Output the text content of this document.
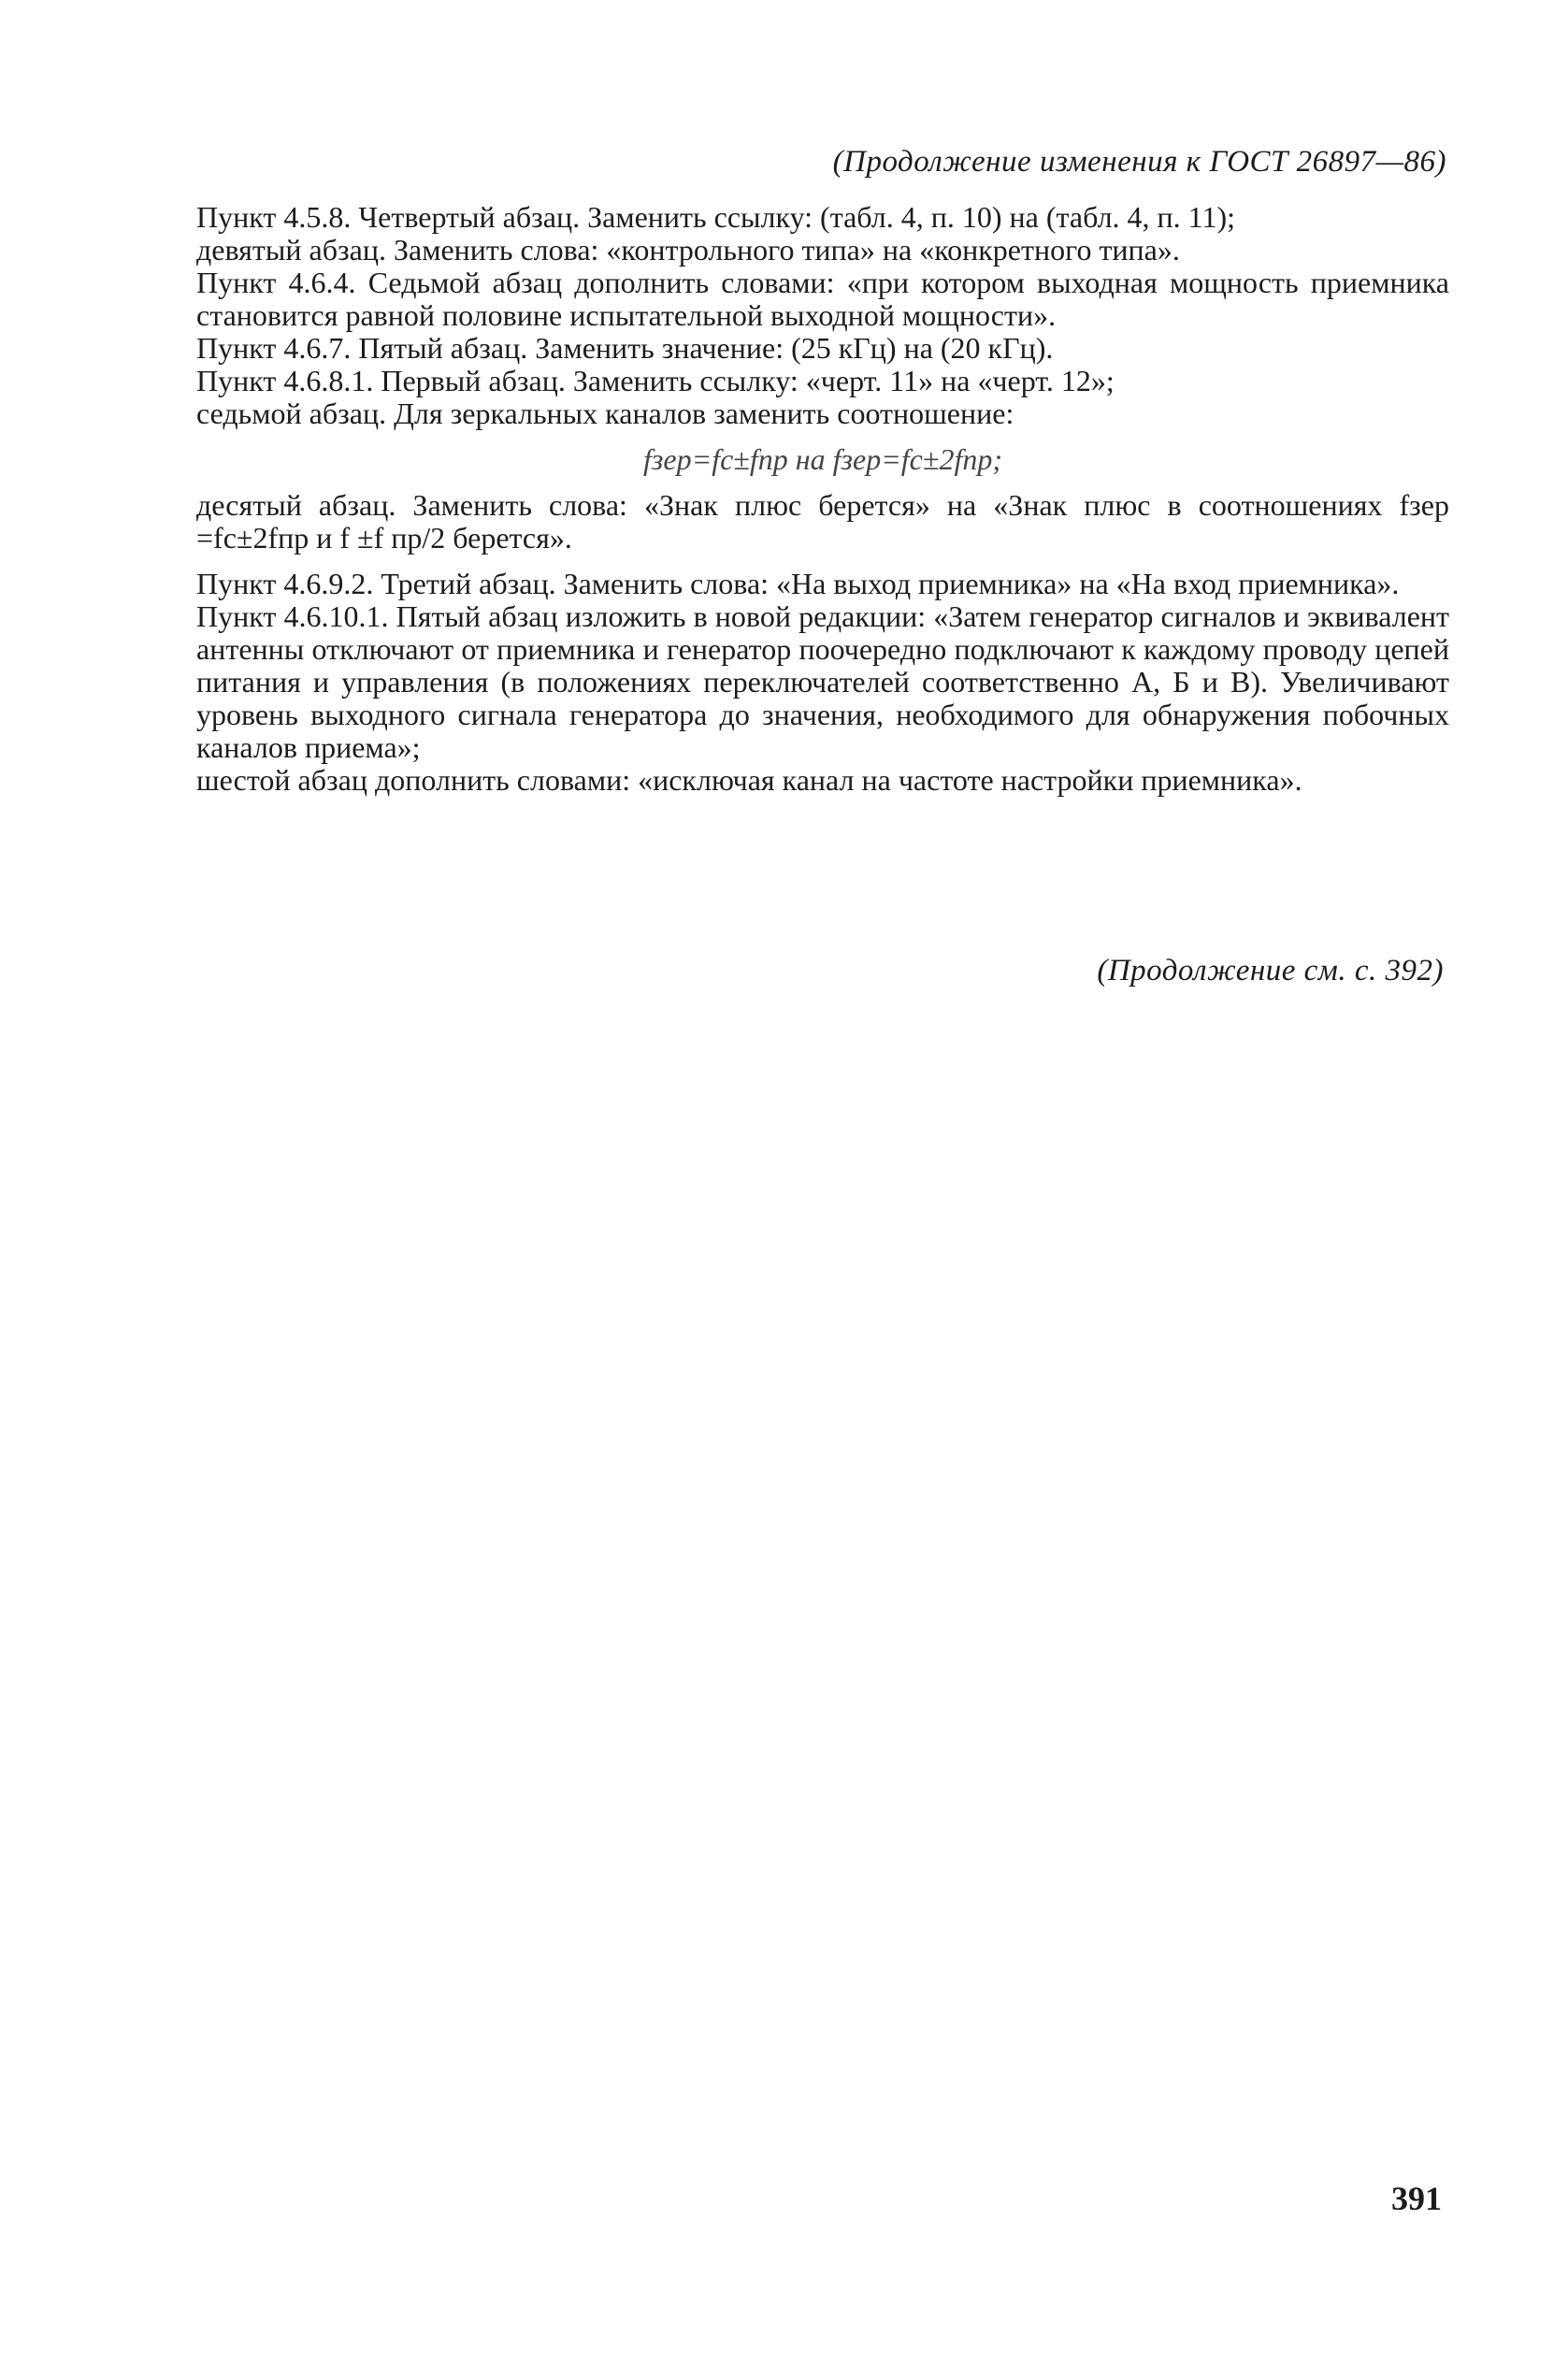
(Продолжение изменения к ГОСТ 26897—86)

Пункт 4.5.8. Четвертый абзац. Заменить ссылку: (табл. 4, п. 10) на (табл. 4, п. 11);

девятый абзац. Заменить слова: «контрольного типа» на «конкретного типа».

Пункт 4.6.4. Седьмой абзац дополнить словами: «при котором выходная мощность приемника становится равной половине испытательной выходной мощности».

Пункт 4.6.7. Пятый абзац. Заменить значение: (25 кГц) на (20 кГц).

Пункт 4.6.8.1. Первый абзац. Заменить ссылку: «черт. 11» на «черт. 12»;

седьмой абзац. Для зеркальных каналов заменить соотношение:

fзер=fc±fпр на fзер=fc±2fпр;

десятый абзац. Заменить слова: «Знак плюс берется» на «Знак плюс в соотношениях fзер =fc±2fпр и f ±f пр/2 берется».

Пункт 4.6.9.2. Третий абзац. Заменить слова: «На выход приемника» на «На вход приемника».

Пункт 4.6.10.1. Пятый абзац изложить в новой редакции: «Затем генератор сигналов и эквивалент антенны отключают от приемника и генератор поочередно подключают к каждому проводу цепей питания и управления (в положениях переключателей соответственно А, Б и В). Увеличивают уровень выходного сигнала генератора до значения, необходимого для обнаружения побочных каналов приема»;

шестой абзац дополнить словами: «исключая канал на частоте настройки приемника».

(Продолжение см. с. 392)
391
